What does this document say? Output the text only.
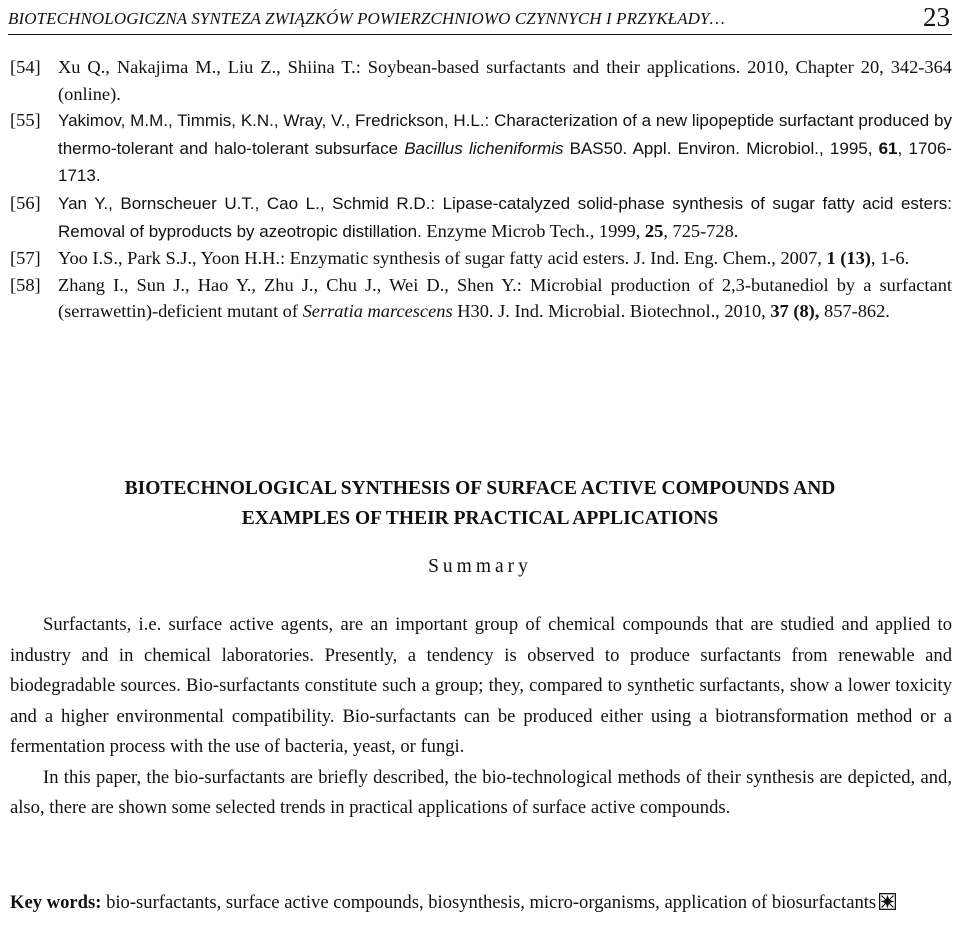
BIOTECHNOLOGICZNA SYNTEZA ZWIĄZKÓW POWIERZCHNIOWO CZYNNYCH I PRZYKŁADY…	23
[54] Xu Q., Nakajima M., Liu Z., Shiina T.: Soybean-based surfactants and their applications. 2010, Chapter 20, 342-364 (online).
[55]	Yakimov, M.M., Timmis, K.N., Wray, V., Fredrickson, H.L.: Characterization of a new lipopeptide surfactant produced by thermo-tolerant and halo-tolerant subsurface Bacillus licheniformis BAS50. Appl. Environ. Microbiol., 1995, 61, 1706-1713.
[56]	Yan Y., Bornscheuer U.T., Cao L., Schmid R.D.: Lipase-catalyzed solid-phase synthesis of sugar fatty acid esters: Removal of byproducts by azeotropic distillation. Enzyme Microb Tech., 1999, 25, 725-728.
[57] Yoo I.S., Park S.J., Yoon H.H.: Enzymatic synthesis of sugar fatty acid esters. J. Ind. Eng. Chem., 2007, 1 (13), 1-6.
[58] Zhang I., Sun J., Hao Y., Zhu J., Chu J., Wei D., Shen Y.: Microbial production of 2,3-butanediol by a surfactant (serrawettin)-deficient mutant of Serratia marcescens H30. J. Ind. Microbial. Biotechnol., 2010, 37 (8), 857-862.
BIOTECHNOLOGICAL SYNTHESIS OF SURFACE ACTIVE COMPOUNDS AND
EXAMPLES OF THEIR PRACTICAL APPLICATIONS
Summary

Surfactants, i.e. surface active agents, are an important group of chemical compounds that are studied and applied to industry and in chemical laboratories. Presently, a tendency is observed to produce surfactants from renewable and biodegradable sources. Bio-surfactants constitute such a group; they, compared to synthetic surfactants, show a lower toxicity and a higher environmental compatibility. Bio-surfactants can be produced either using a biotransformation method or a fermentation process with the use of bacteria, yeast, or fungi.

In this paper, the bio-surfactants are briefly described, the bio-technological methods of their synthesis are depicted, and, also, there are shown some selected trends in practical applications of surface active compounds.

Key words: bio-surfactants, surface active compounds, biosynthesis, micro-organisms, application of biosurfactants
